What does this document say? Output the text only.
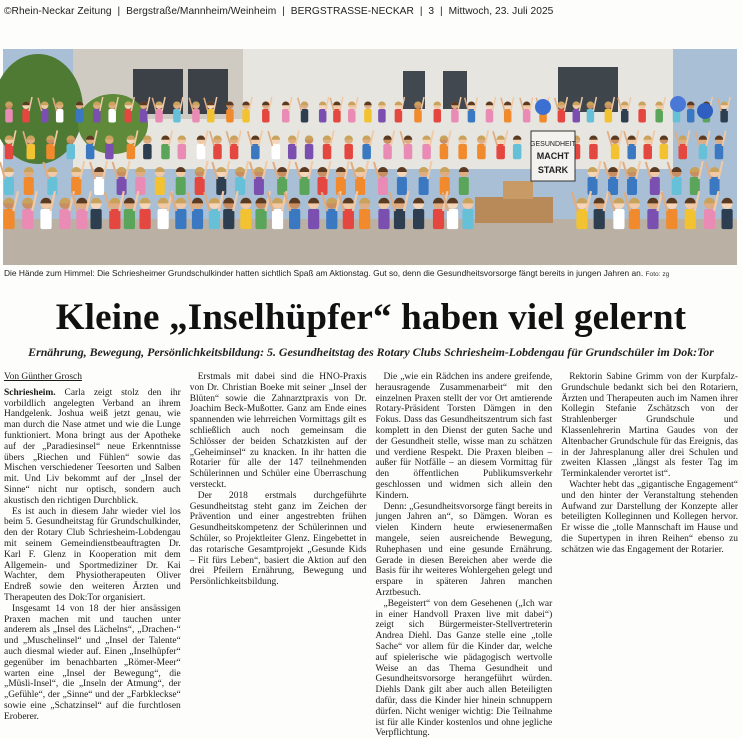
©Rhein-Neckar Zeitung | Bergstraße/Mannheim/Weinheim | BERGSTRASSE-NECKAR | 3 | Mittwoch, 23. Juli 2025
GESUNDHEIT
MACHT
STARK
Die Hände zum Himmel: Die Schriesheimer Grundschulkinder hatten sichtlich Spaß am Aktionstag. Gut so, denn die Gesundheitsvorsorge fängt bereits in jungen Jahren an. Foto: zg
Kleine „Inselhüpfer“ haben viel gelernt
Ernährung, Bewegung, Persönlichkeitsbildung: 5. Gesundheitstag des Rotary Clubs Schriesheim-Lobdengau für Grundschüler im Dok:Tor

Von Günther Grosch

Schriesheim. Carla zeigt stolz den ihr vorbildlich angelegten Verband an ihrem Handgelenk. Joshua weiß jetzt genau, wie man durch die Nase atmet und wie die Lunge funktioniert. Mona bringt aus der Apotheke auf der „Paradiesinsel“ neue Erkenntnisse übers „Riechen und Fühlen“ sowie das Mischen verschiedener Teesorten und Salben mit. Und Liv bekommt auf der „Insel der Sinne“ nicht nur optisch, sondern auch akustisch den richtigen Durchblick.

Es ist auch in diesem Jahr wieder viel los beim 5. Gesundheitstag für Grundschulkinder, den der Rotary Club Schriesheim-Lobdengau mit seinem Gemeindienstbeauftragten Dr. Karl F. Glenz in Kooperation mit dem Allgemein- und Sportmediziner Dr. Kai Wachter, dem Physiotherapeuten Oliver Endreß sowie den weiteren Ärzten und Therapeuten des Dok:Tor organisiert.

Insgesamt 14 von 18 der hier ansässigen Praxen machen mit und tauchen unter anderem als „Insel des Lächelns“, „Drachen-“ und „Muschelinsel“ und „Insel der Talente“ auch diesmal wieder auf. Einen „Inselhüpfer“ gegenüber im benachbarten „Römer-Meer“ warten eine „Insel der Bewegung“, die „Müsli-Insel“, die „Inseln der Atmung“, der „Gefühle“, der „Sinne“ und der „Farbkleckse“ sowie eine „Schatzinsel“ auf die furchtlosen Eroberer.

Erstmals mit dabei sind die HNO-Praxis von Dr. Christian Boeke mit seiner „Insel der Blüten“ sowie die Zahnarztpraxis von Dr. Joachim Beck-Mußotter. Ganz am Ende eines spannenden wie lehrreichen Vormittags gilt es schließlich auch noch gemeinsam die Schlösser der beiden Schatzkisten auf der „Geheiminsel“ zu knacken. In ihr hatten die Rotarier für alle der 147 teilnehmenden Schülerinnen und Schüler eine Überraschung versteckt.

Der 2018 erstmals durchgeführte Gesundheitstag steht ganz im Zeichen der Prävention und einer angestrebten frühen Gesundheitskompetenz der Schülerinnen und Schüler, so Projektleiter Glenz. Eingebettet in das rotarische Gesamtprojekt „Gesunde Kids – Fit fürs Leben“, basiert die Aktion auf den drei Pfeilern Ernährung, Bewegung und Persönlichkeitsbildung.

Die „wie ein Rädchen ins andere greifende, herausragende Zusammenarbeit“ mit den einzelnen Praxen stellt der vor Ort amtierende Rotary-Präsident Torsten Dämgen in den Fokus. Dass das Gesundheitszentrum sich fast komplett in den Dienst der guten Sache und der Gesundheit stelle, wisse man zu schätzen und verdiene Respekt. Die Praxen bleiben – außer für Notfälle – an diesem Vormittag für den öffentlichen Publikumsverkehr geschlossen und widmen sich allein den Kindern.

Denn: „Gesundheitsvorsorge fängt bereits in jungen Jahren an“, so Dämgen. Woran es vielen Kindern heute erwiesenermaßen mangele, seien ausreichende Bewegung, Ruhephasen und eine gesunde Ernährung. Gerade in diesen Bereichen aber werde die Basis für ihr weiteres Wohlergehen gelegt und erspare in späteren Jahren manchen Arztbesuch.

„Begeistert“ von dem Gesehenen („Ich war in einer Handvoll Praxen live mit dabei“) zeigt sich Bürgermeister-Stellvertreterin Andrea Diehl. Das Ganze stelle eine „tolle Sache“ vor allem für die Kinder dar, welche auf spielerische wie pädagogisch wertvolle Weise an das Thema Gesundheit und Gesundheitsvorsorge herangeführt würden. Diehls Dank gilt aber auch allen Beteiligten dafür, dass die Kinder hier hinein schnuppern dürfen. Nicht weniger wichtig: Die Teilnahme ist für alle Kinder kostenlos und ohne jegliche Verpflichtung.

Rektorin Sabine Grimm von der Kurpfalz-Grundschule bedankt sich bei den Rotariern, Ärzten und Therapeuten auch im Namen ihrer Kollegin Stefanie Zschätzsch von der Strahlenberger Grundschule und Klassenlehrerin Martina Gaudes von der Altenbacher Grundschule für das Ereignis, das in der Jahresplanung aller drei Schulen und zweiten Klassen „längst als fester Tag im Terminkalender verortet ist“.

Wachter hebt das „gigantische Engagement“ und den hinter der Veranstaltung stehenden Aufwand zur Darstellung der Konzepte aller beteiligten Kolleginnen und Kollegen hervor. Er wisse die „tolle Mannschaft im Hause und die Supertypen in ihren Reihen“ ebenso zu schätzen wie das Engagement der Rotarier.
